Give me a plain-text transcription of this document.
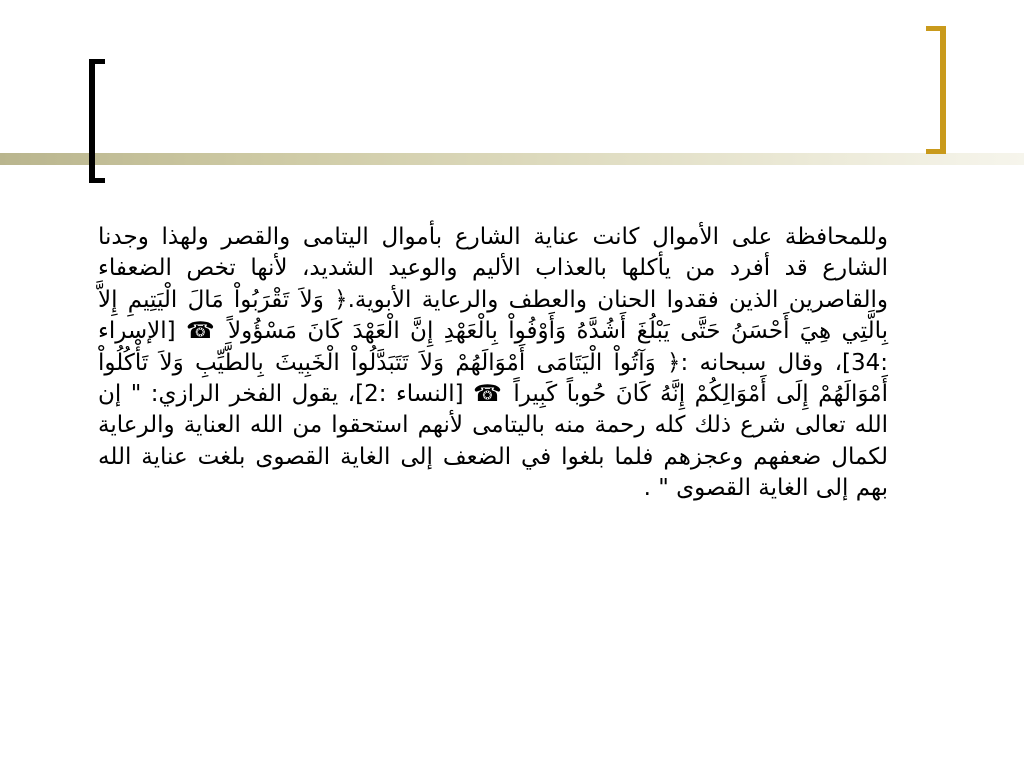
وللمحافظة على الأموال كانت عناية الشارع بأموال اليتامى والقصر ولهذا وجدنا الشارع قد أفرد من يأكلها بالعذاب الأليم والوعيد الشديد، لأنها تخص الضعفاء والقاصرين الذين فقدوا الحنان والعطف والرعاية الأبوية.﴿ وَلاَ تَقْرَبُواْ مَالَ الْيَتِيمِ إِلاَّ بِالَّتِي هِيَ أَحْسَنُ حَتَّى يَبْلُغَ أَشُدَّهُ وَأَوْفُواْ بِالْعَهْدِ إِنَّ الْعَهْدَ كَانَ مَسْؤُولاً ☎ [الإسراء :34]، وقال سبحانه :﴿ وَآتُواْ الْيَتَامَى أَمْوَالَهُمْ وَلاَ تَتَبَدَّلُواْ الْخَبِيثَ بِالطَّيِّبِ وَلاَ تَأْكُلُواْ أَمْوَالَهُمْ إِلَى أَمْوَالِكُمْ إِنَّهُ كَانَ حُوباً كَبِيراً ☎ [النساء :2]، يقول الفخر الرازي: " إن الله تعالى شرع ذلك كله رحمة منه باليتامى لأنهم استحقوا من الله العناية والرعاية لكمال ضعفهم وعجزهم فلما بلغوا في الضعف إلى الغاية القصوى بلغت عناية الله بهم إلى الغاية القصوى " .
